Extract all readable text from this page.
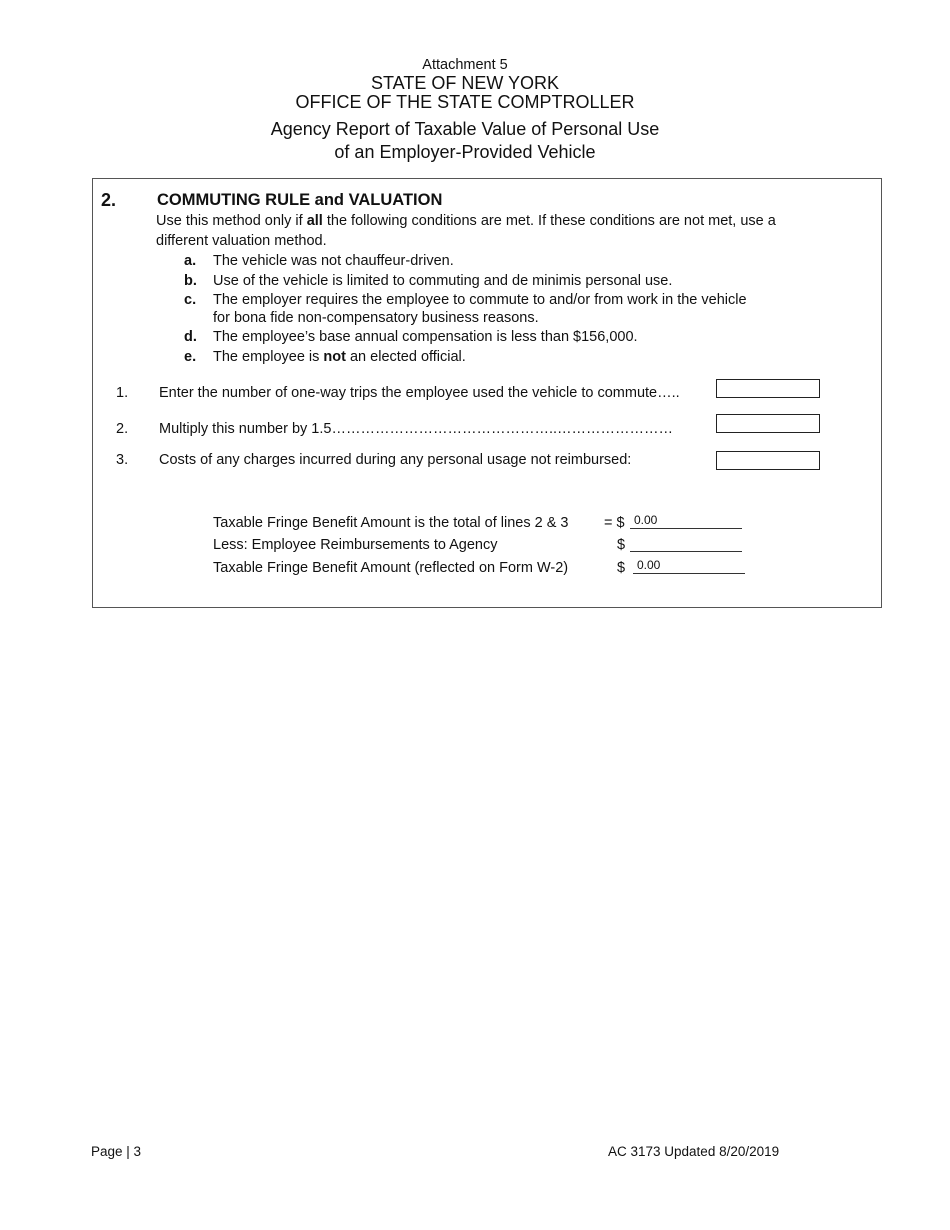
Attachment 5
STATE OF NEW YORK
OFFICE OF THE STATE COMPTROLLER
Agency Report of Taxable Value of Personal Use
of an Employer-Provided Vehicle
2. COMMUTING RULE and VALUATION
Use this method only if all the following conditions are met. If these conditions are not met, use a
different valuation method.
a. The vehicle was not chauffeur-driven.
b. Use of the vehicle is limited to commuting and de minimis personal use.
c. The employer requires the employee to commute to and/or from work in the vehicle
for bona fide non-compensatory business reasons.
d. The employee’s base annual compensation is less than $156,000.
e. The employee is not an elected official.
1. Enter the number of one-way trips the employee used the vehicle to commute…..
2. Multiply this number by 1.5………………………………………..……………………
3. Costs of any charges incurred during any personal usage not reimbursed:
Taxable Fringe Benefit Amount is the total of lines 2 & 3 = $ 0.00
Less: Employee Reimbursements to Agency	$
Taxable Fringe Benefit Amount (reflected on Form W-2)	$ 0.00
Page | 3	AC 3173 Updated 8/20/2019
